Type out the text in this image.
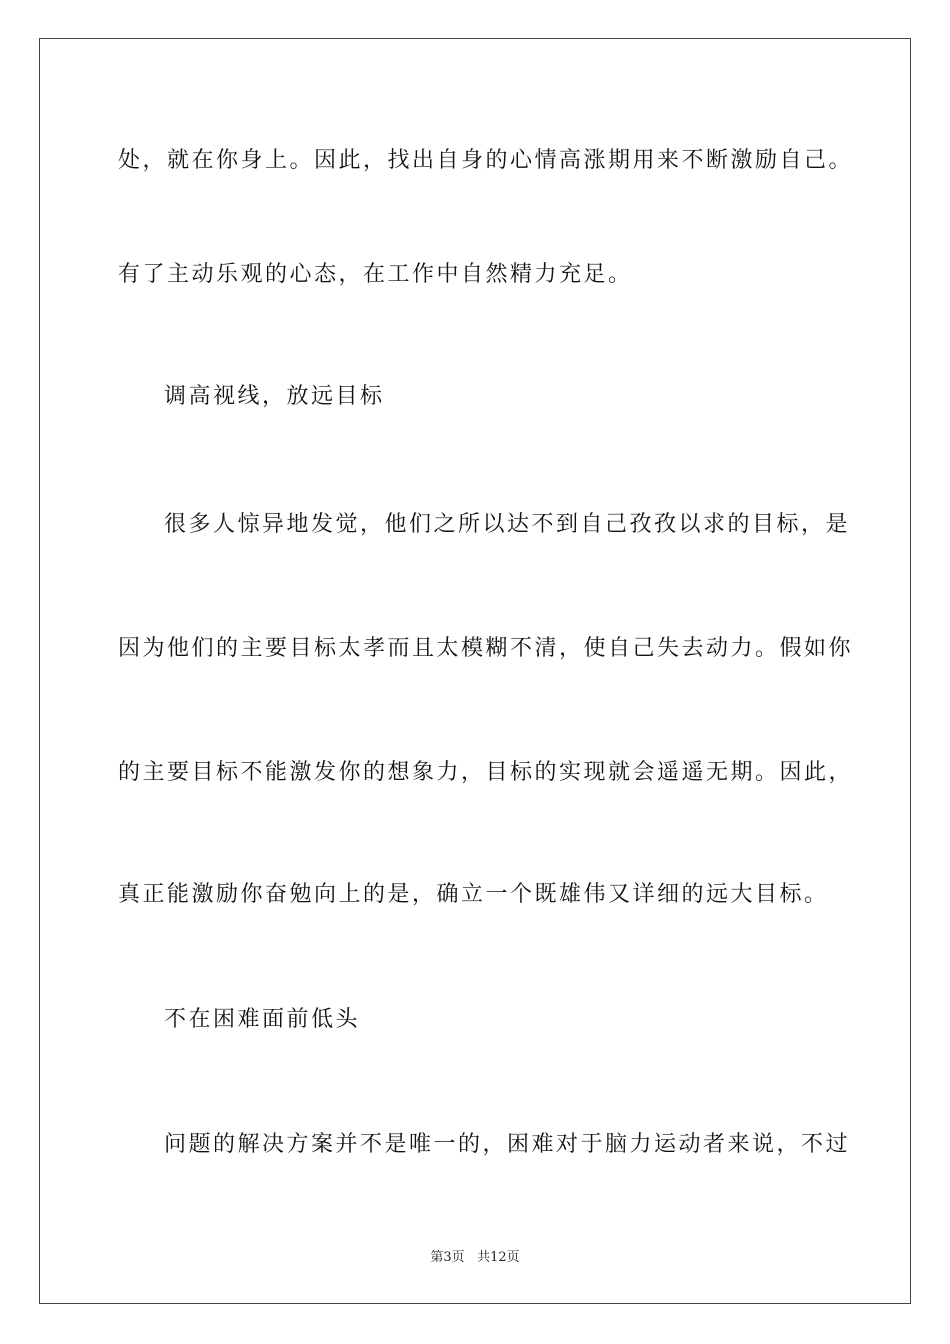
处，就在你身上。因此，找出自身的心情高涨期用来不断激励自己。
有了主动乐观的心态，在工作中自然精力充足。
调高视线，放远目标
很多人惊异地发觉，他们之所以达不到自己孜孜以求的目标，是
因为他们的主要目标太孝而且太模糊不清，使自己失去动力。假如你
的主要目标不能激发你的想象力，目标的实现就会遥遥无期。因此，
真正能激励你奋勉向上的是，确立一个既雄伟又详细的远大目标。
不在困难面前低头
问题的解决方案并不是唯一的，困难对于脑力运动者来说，不过
第3页 共12页
